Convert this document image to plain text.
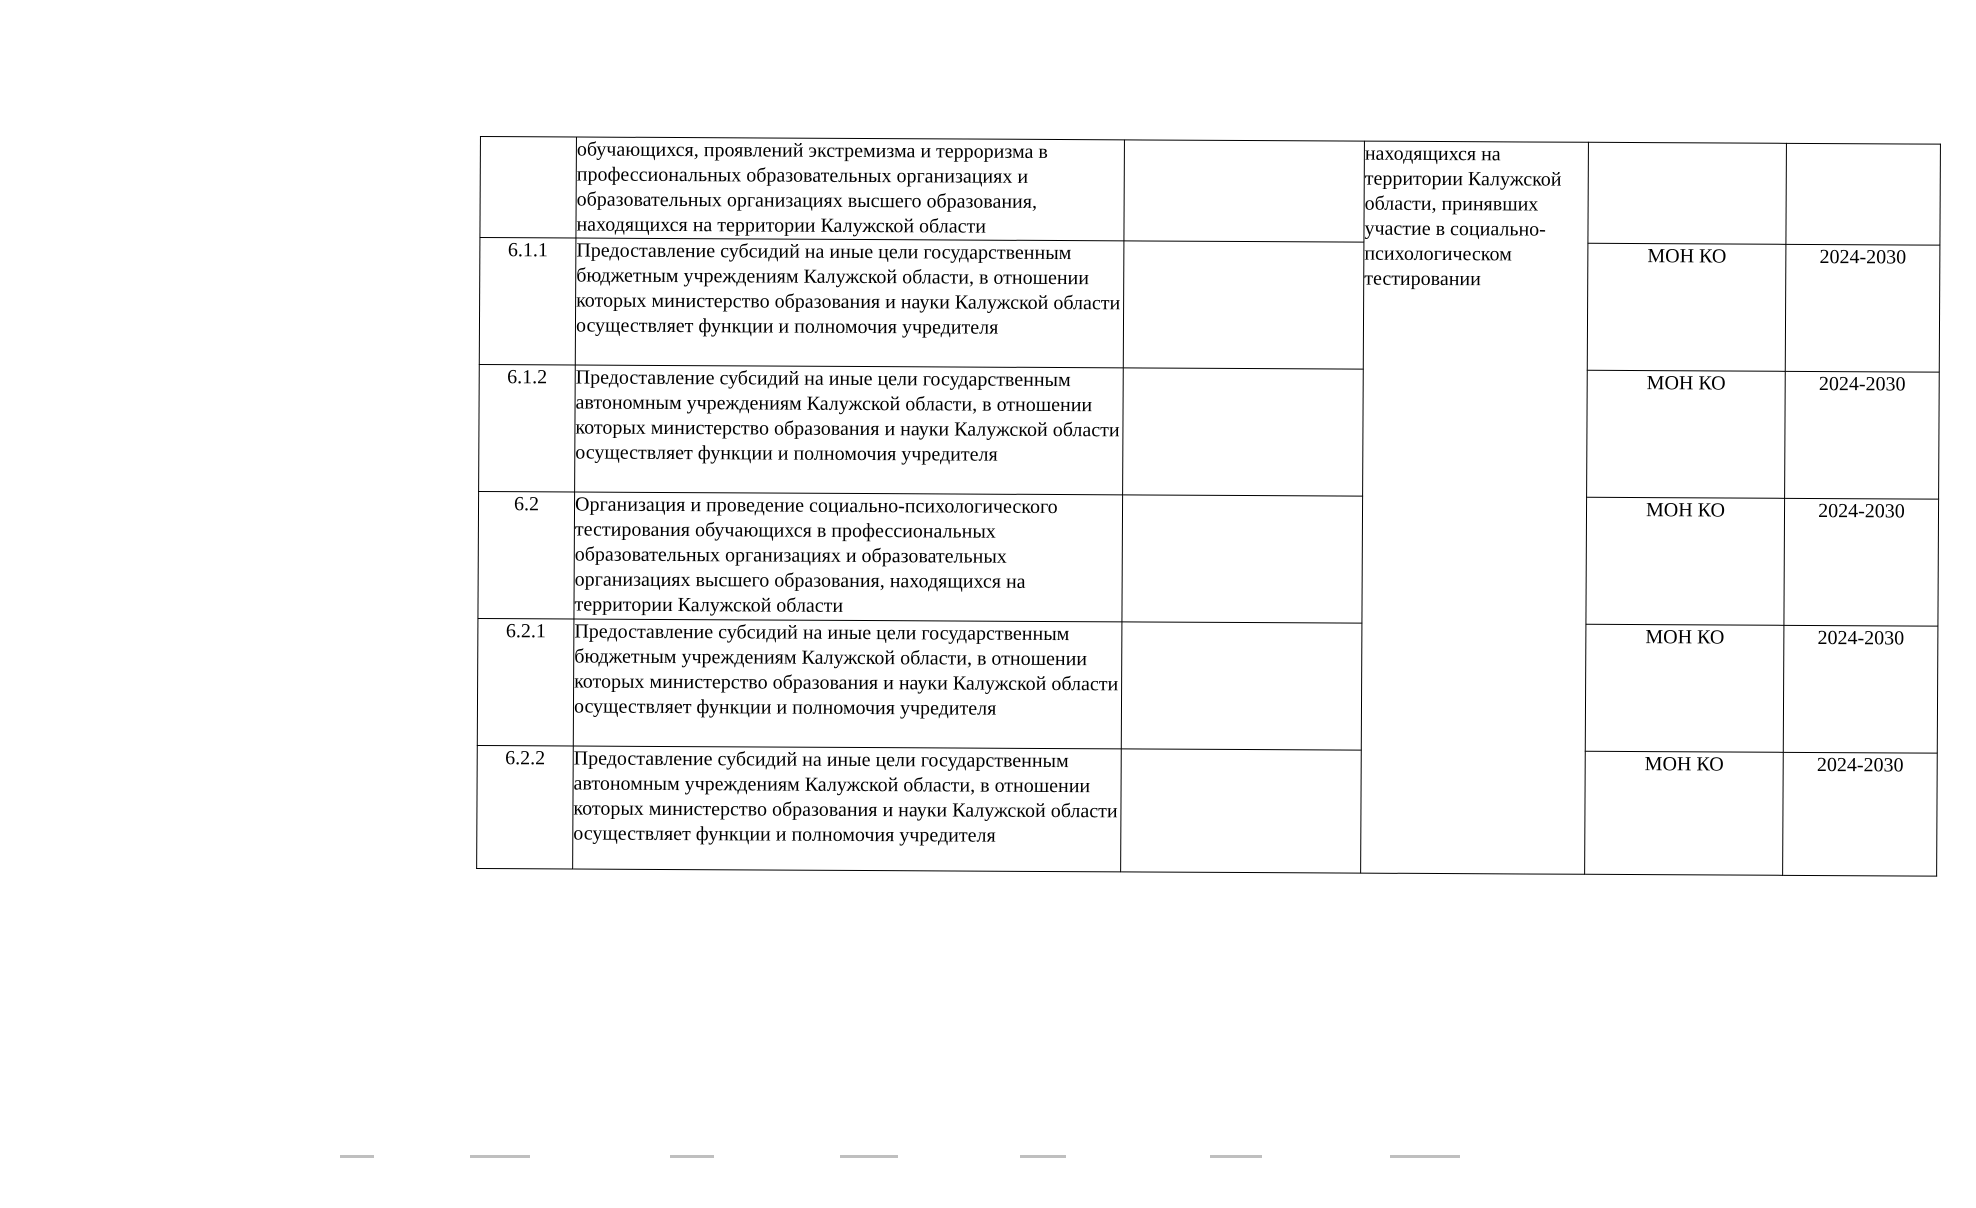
	обучающихся, проявлений экстремизма и терроризма в профессиональных образовательных организациях и образовательных организациях высшего образования, находящихся на территории Калужской области		находящихся на территории Калужской области, принявших участие в социально-психологическом тестировании		
6.1.1	Предоставление субсидий на иные цели государственным бюджетным учреждениям Калужской области, в отношении которых министерство образования и науки Калужской области осуществляет функции и полномочия учредителя			МОН КО	2024-2030
6.1.2	Предоставление субсидий на иные цели государственным автономным учреждениям Калужской области, в отношении которых министерство образования и науки Калужской области осуществляет функции и полномочия учредителя			МОН КО	2024-2030
6.2	Организация и проведение социально-психологического тестирования обучающихся в профессиональных образовательных организациях и образовательных организациях высшего образования, находящихся на территории Калужской области			МОН КО	2024-2030
6.2.1	Предоставление субсидий на иные цели государственным бюджетным учреждениям Калужской области, в отношении которых министерство образования и науки Калужской области осуществляет функции и полномочия учредителя			МОН КО	2024-2030
6.2.2	Предоставление субсидий на иные цели государственным автономным учреждениям Калужской области, в отношении которых министерство образования и науки Калужской области осуществляет функции и полномочия учредителя			МОН КО	2024-2030
